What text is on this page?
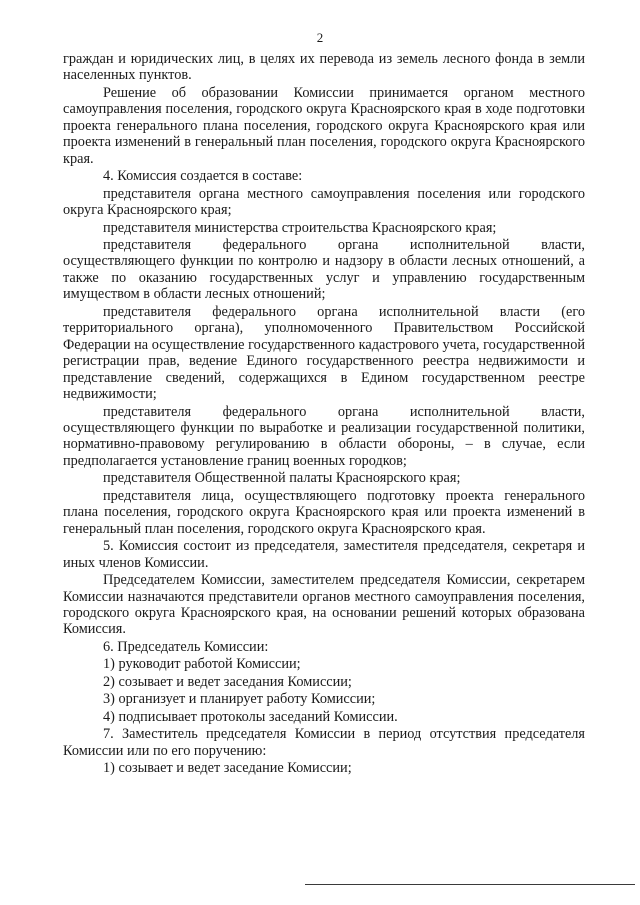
2

граждан и юридических лиц, в целях их перевода из земель лесного фонда в земли населенных пунктов.

Решение об образовании Комиссии принимается органом местного самоуправления поселения, городского округа Красноярского края в ходе подготовки проекта генерального плана поселения, городского округа Красноярского края или проекта изменений в генеральный план поселения, городского округа Красноярского края.

4. Комиссия создается в составе:

представителя органа местного самоуправления поселения или городского округа Красноярского края;

представителя министерства строительства Красноярского края;

представителя федерального органа исполнительной власти, осуществляющего функции по контролю и надзору в области лесных отношений, а также по оказанию государственных услуг и управлению государственным имуществом в области лесных отношений;

представителя федерального органа исполнительной власти (его территориального органа), уполномоченного Правительством Российской Федерации на осуществление государственного кадастрового учета, государственной регистрации прав, ведение Единого государственного реестра недвижимости и представление сведений, содержащихся в Едином государственном реестре недвижимости;

представителя федерального органа исполнительной власти, осуществляющего функции по выработке и реализации государственной политики, нормативно-правовому регулированию в области обороны, – в случае, если предполагается установление границ военных городков;

представителя Общественной палаты Красноярского края;

представителя лица, осуществляющего подготовку проекта генерального плана поселения, городского округа Красноярского края или проекта изменений в генеральный план поселения, городского округа Красноярского края.

5. Комиссия состоит из председателя, заместителя председателя, секретаря и иных членов Комиссии.

Председателем Комиссии, заместителем председателя Комиссии, секретарем Комиссии назначаются представители органов местного самоуправления поселения, городского округа Красноярского края, на основании решений которых образована Комиссия.

6. Председатель Комиссии:

1) руководит работой Комиссии;

2) созывает и ведет заседания Комиссии;

3) организует и планирует работу Комиссии;

4) подписывает протоколы заседаний Комиссии.

7. Заместитель председателя Комиссии в период отсутствия председателя Комиссии или по его поручению:

1) созывает и ведет заседание Комиссии;
